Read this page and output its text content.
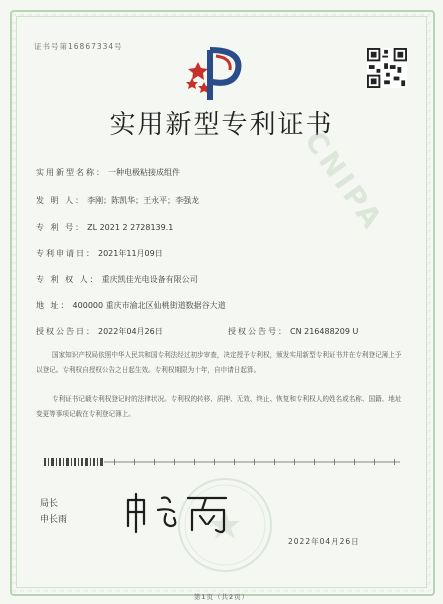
证书号第16867334号
实用新型专利证书
CNIPA
实用新型名称： 一种电极粘接成组件
发 明 人： 李刚；陈凯华；王永平；李强龙
专 利 号： ZL 2021 2 2728139.1
专利申请日： 2021年11月09日
专 利 权 人： 重庆凯佳光电设备有限公司
地 址： 400000 重庆市渝北区仙桃街道数据谷大道
授权公告日： 2022年04月26日	授权公告号： CN 216488209 U
国家知识产权局依照中华人民共和国专利法经过初步审查，决定授予专利权，颁发实用新型专利证书并在专利登记簿上予以登记。专利权自授权公告之日起生效。专利权期限为十年，自申请日起算。
专利证书记载专利权登记时的法律状况。专利权的转移、质押、无效、终止、恢复和专利权人的姓名或名称、国籍、地址变更等事项记载在专利登记簿上。
局长
申长雨
2022年04月26日
第1页（共2页）
